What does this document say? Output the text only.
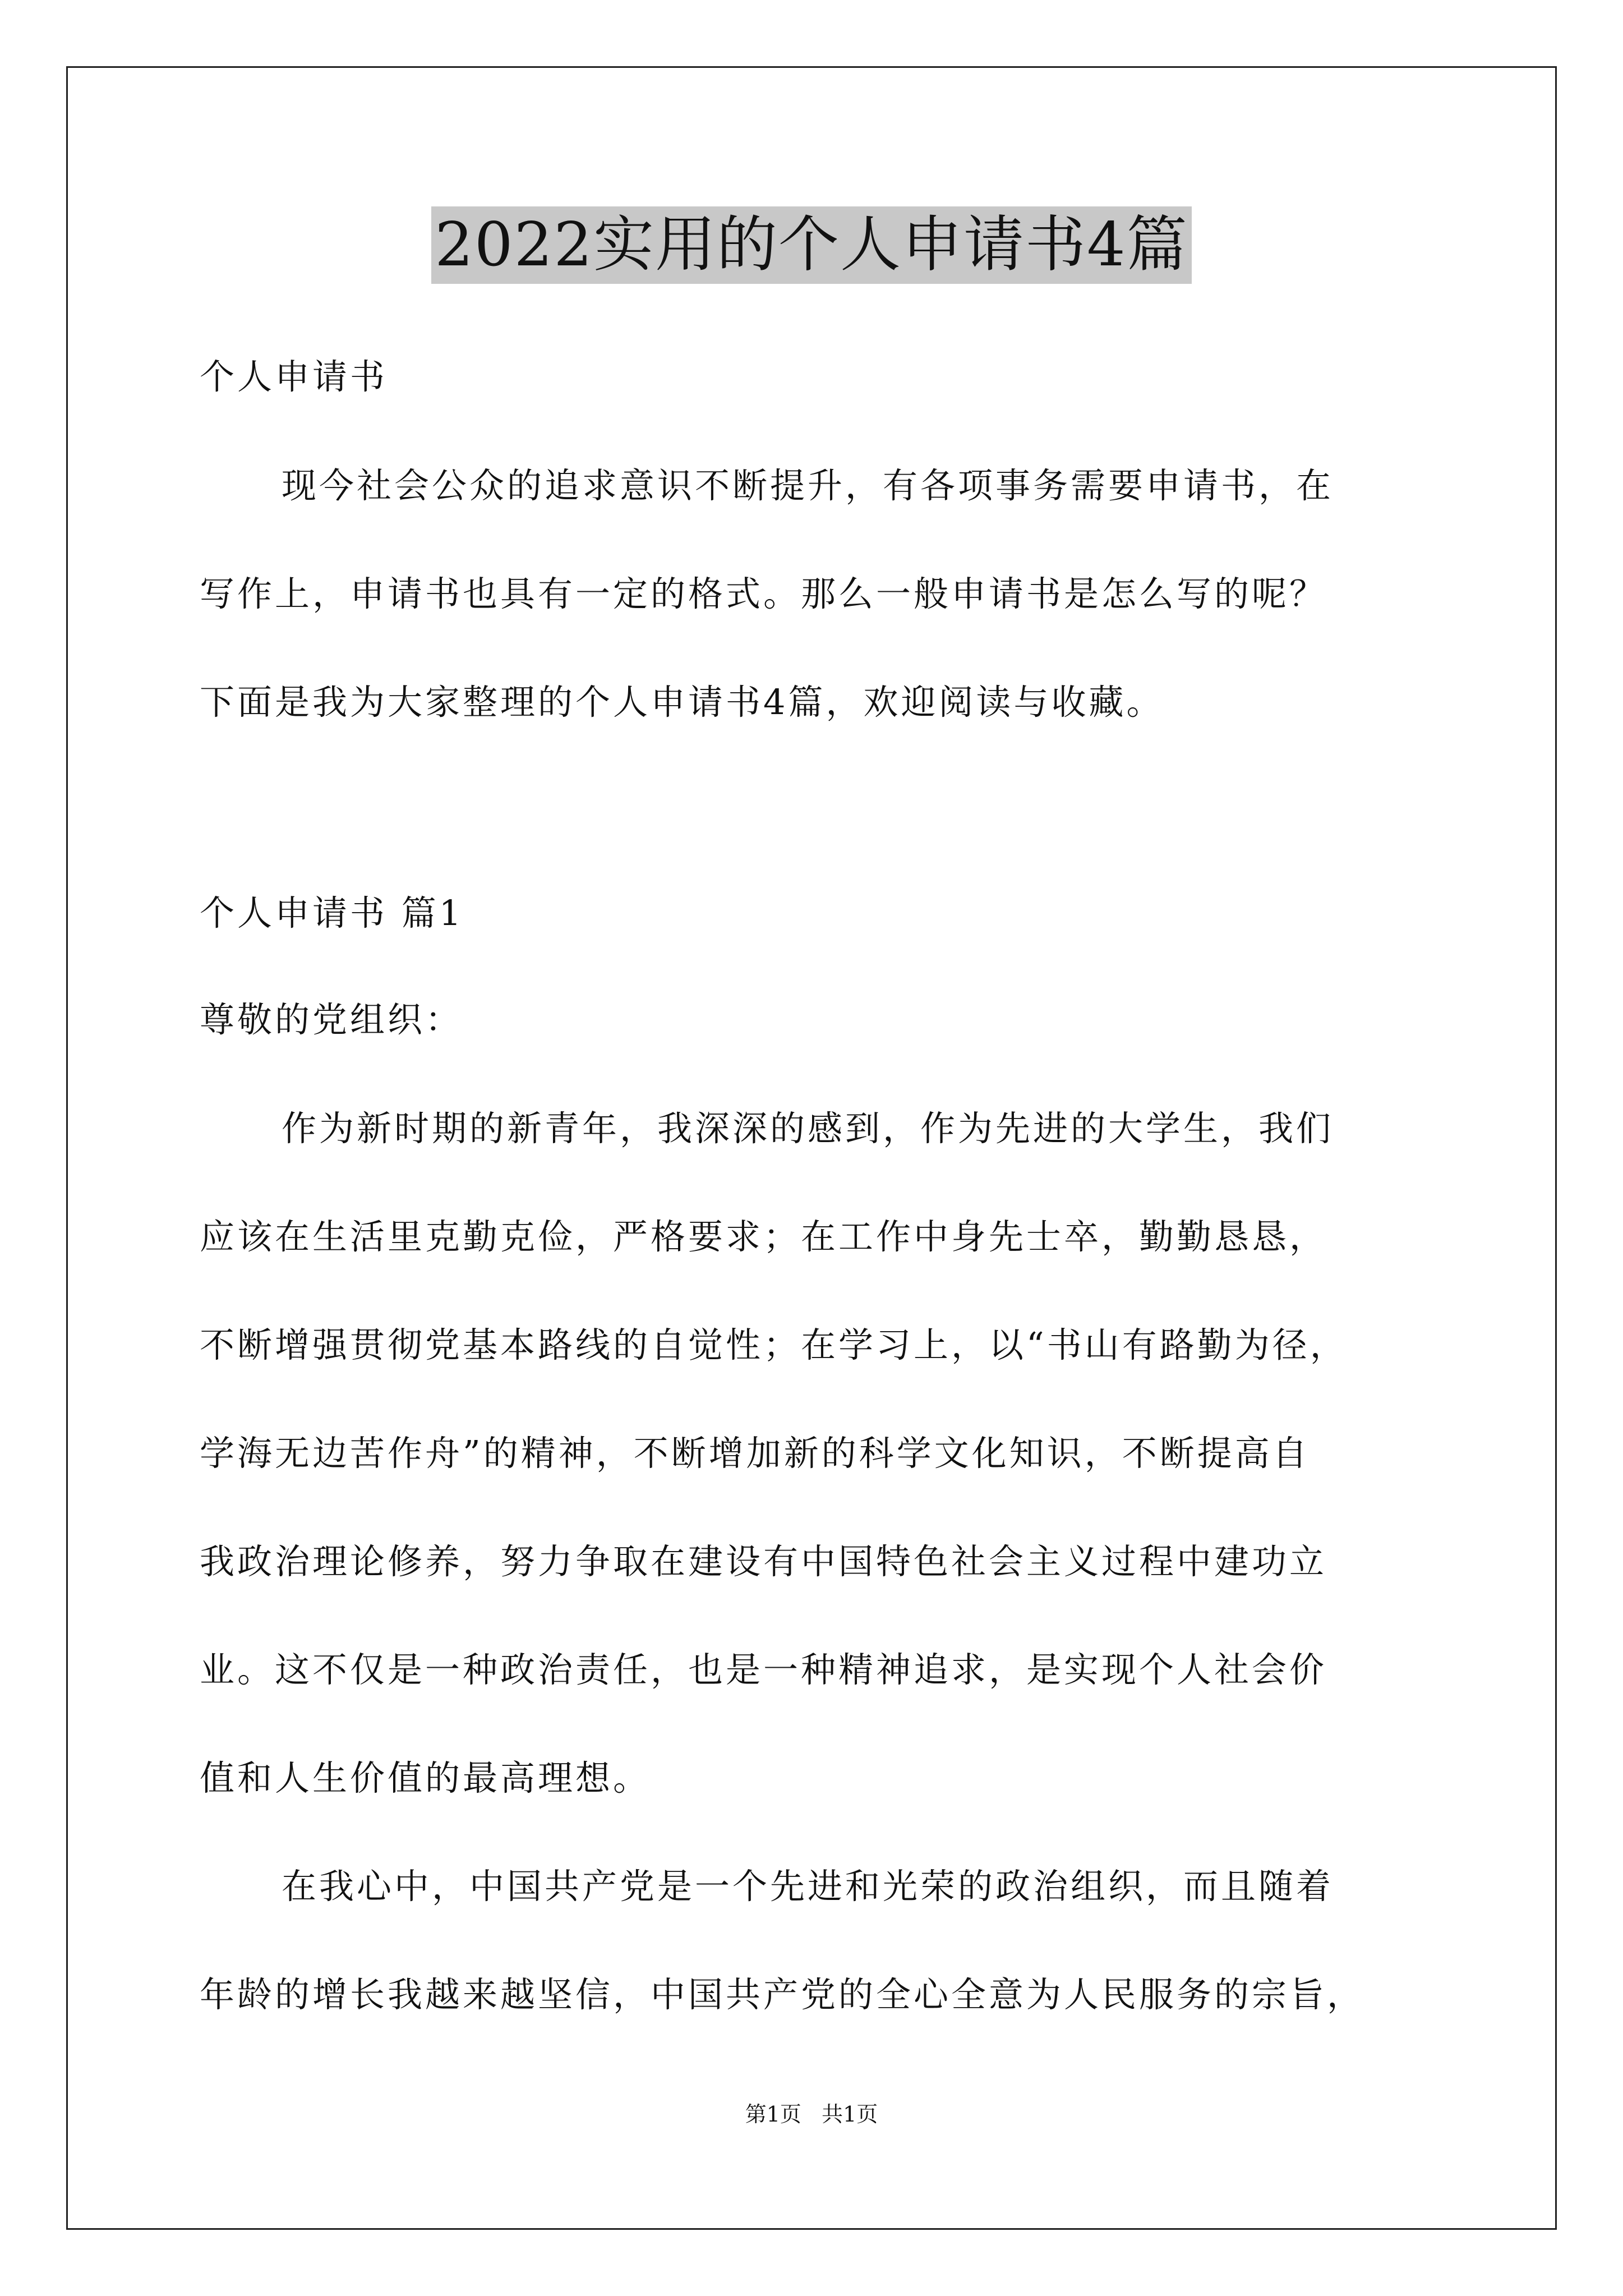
2022实用的个人申请书4篇
个人申请书
现今社会公众的追求意识不断提升，有各项事务需要申请书，在
写作上，申请书也具有一定的格式。那么一般申请书是怎么写的呢？
下面是我为大家整理的个人申请书4篇，欢迎阅读与收藏。
个人申请书 篇1
尊敬的党组织：
作为新时期的新青年，我深深的感到，作为先进的大学生，我们
应该在生活里克勤克俭，严格要求；在工作中身先士卒，勤勤恳恳，
不断增强贯彻党基本路线的自觉性；在学习上，以“书山有路勤为径，
学海无边苦作舟”的精神，不断增加新的科学文化知识，不断提高自
我政治理论修养，努力争取在建设有中国特色社会主义过程中建功立
业。这不仅是一种政治责任，也是一种精神追求，是实现个人社会价
值和人生价值的最高理想。
在我心中，中国共产党是一个先进和光荣的政治组织，而且随着
年龄的增长我越来越坚信，中国共产党的全心全意为人民服务的宗旨，
第1页   共1页
